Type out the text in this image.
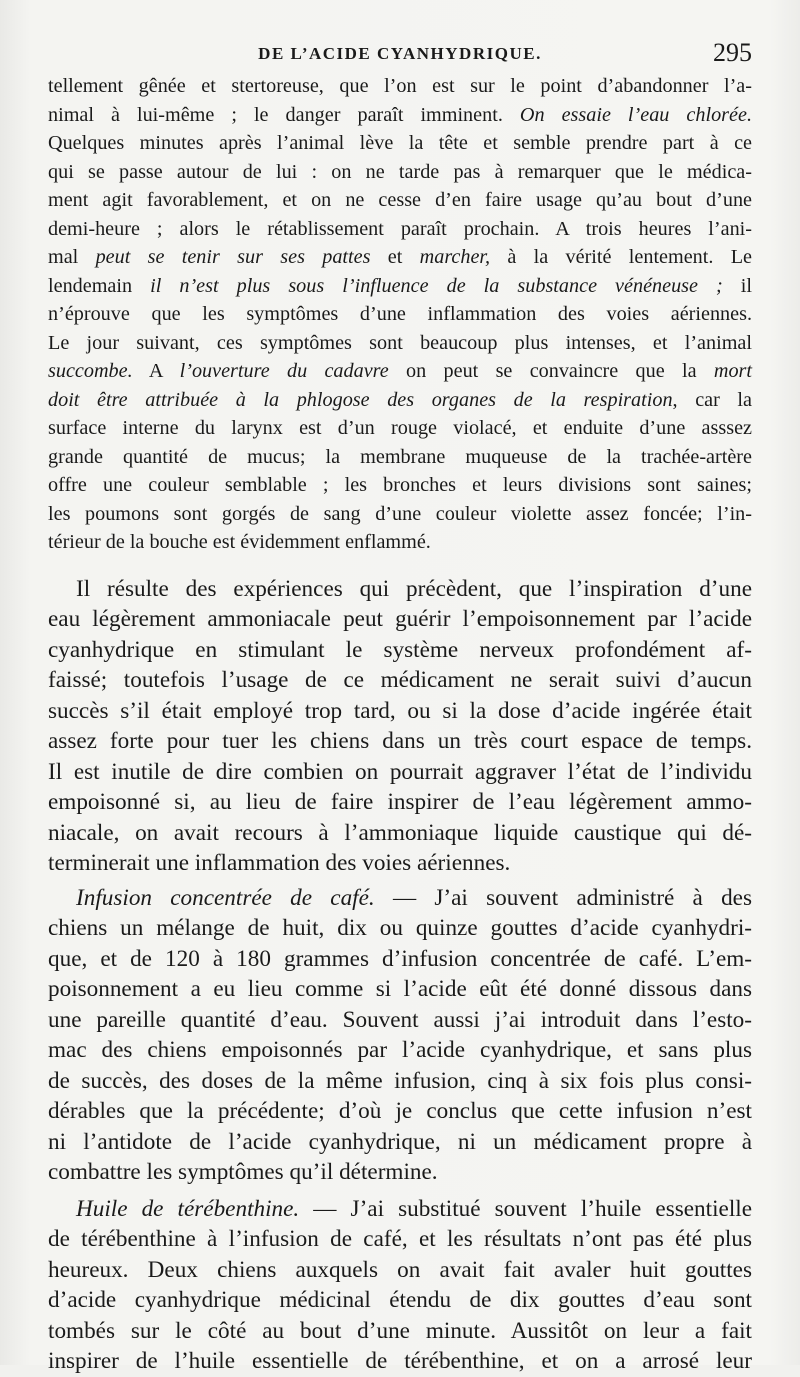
DE L’ACIDE CYANHYDRIQUE.	295
tellement gênée et stertoreuse, que l’on est sur le point d’abandonner l’a-
nimal à lui-même ; le danger paraît imminent. On essaie l’eau chlorée.
Quelques minutes après l’animal lève la tête et semble prendre part à ce
qui se passe autour de lui : on ne tarde pas à remarquer que le médica-
ment agit favorablement, et on ne cesse d’en faire usage qu’au bout d’une
demi-heure ; alors le rétablissement paraît prochain. A trois heures l’ani-
mal peut se tenir sur ses pattes et marcher, à la vérité lentement. Le
lendemain il n’est plus sous l’influence de la substance vénéneuse ; il
n’éprouve que les symptômes d’une inflammation des voies aériennes.
Le jour suivant, ces symptômes sont beaucoup plus intenses, et l’animal
succombe. A l’ouverture du cadavre on peut se convaincre que la mort
doit être attribuée à la phlogose des organes de la respiration, car la
surface interne du larynx est d’un rouge violacé, et enduite d’une asssez
grande quantité de mucus; la membrane muqueuse de la trachée-artère
offre une couleur semblable ; les bronches et leurs divisions sont saines;
les poumons sont gorgés de sang d’une couleur violette assez foncée; l’in-
térieur de la bouche est évidemment enflammé.
Il résulte des expériences qui précèdent, que l’inspiration d’une
eau légèrement ammoniacale peut guérir l’empoisonnement par l’acide
cyanhydrique en stimulant le système nerveux profondément af-
faissé; toutefois l’usage de ce médicament ne serait suivi d’aucun
succès s’il était employé trop tard, ou si la dose d’acide ingérée était
assez forte pour tuer les chiens dans un très court espace de temps.
Il est inutile de dire combien on pourrait aggraver l’état de l’individu
empoisonné si, au lieu de faire inspirer de l’eau légèrement ammo-
niacale, on avait recours à l’ammoniaque liquide caustique qui dé-
terminerait une inflammation des voies aériennes.
Infusion concentrée de café. — J’ai souvent administré à des
chiens un mélange de huit, dix ou quinze gouttes d’acide cyanhydri-
que, et de 120 à 180 grammes d’infusion concentrée de café. L’em-
poisonnement a eu lieu comme si l’acide eût été donné dissous dans
une pareille quantité d’eau. Souvent aussi j’ai introduit dans l’esto-
mac des chiens empoisonnés par l’acide cyanhydrique, et sans plus
de succès, des doses de la même infusion, cinq à six fois plus consi-
dérables que la précédente; d’où je conclus que cette infusion n’est
ni l’antidote de l’acide cyanhydrique, ni un médicament propre à
combattre les symptômes qu’il détermine.
Huile de térébenthine. — J’ai substitué souvent l’huile essentielle
de térébenthine à l’infusion de café, et les résultats n’ont pas été plus
heureux. Deux chiens auxquels on avait fait avaler huit gouttes
d’acide cyanhydrique médicinal étendu de dix gouttes d’eau sont
tombés sur le côté au bout d’une minute. Aussitôt on leur a fait
inspirer de l’huile essentielle de térébenthine, et on a arrosé leur
